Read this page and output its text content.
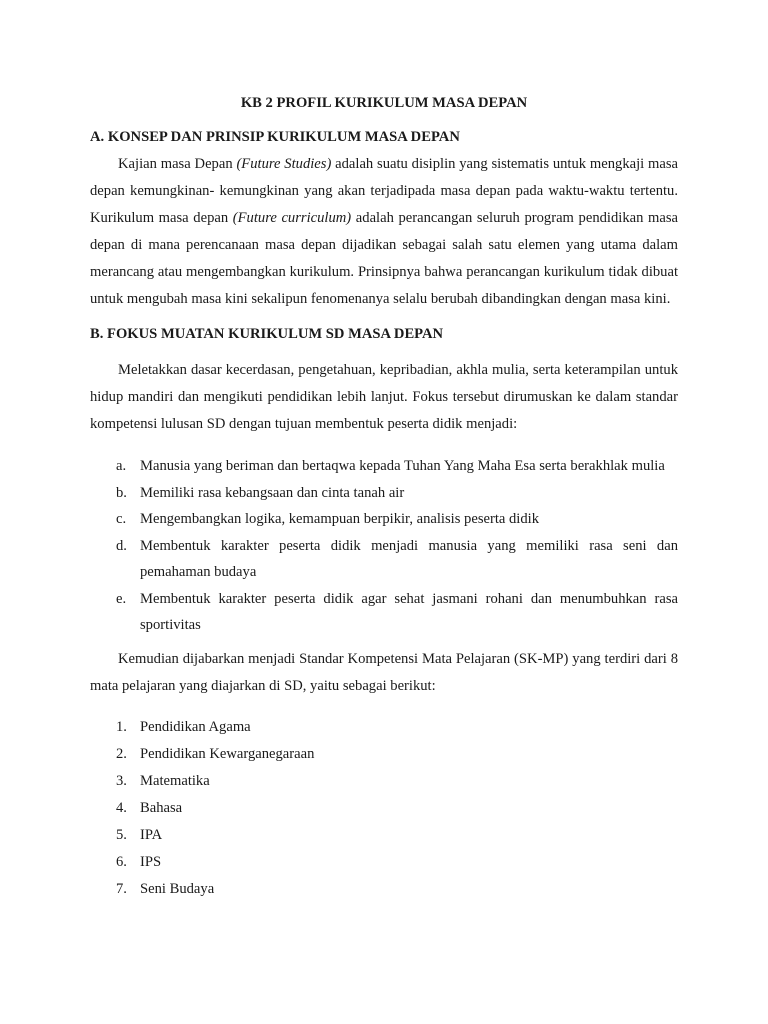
KB 2 PROFIL KURIKULUM MASA DEPAN

A. KONSEP DAN PRINSIP KURIKULUM MASA DEPAN

Kajian masa Depan (Future Studies) adalah suatu disiplin yang sistematis untuk mengkaji masa depan kemungkinan- kemungkinan yang akan terjadipada masa depan pada waktu-waktu tertentu. Kurikulum masa depan (Future curriculum) adalah perancangan seluruh program pendidikan masa depan di mana perencanaan masa depan dijadikan sebagai salah satu elemen yang utama dalam merancang atau mengembangkan kurikulum. Prinsipnya bahwa perancangan kurikulum tidak dibuat untuk mengubah masa kini sekalipun fenomenanya selalu berubah dibandingkan dengan masa kini.

B. FOKUS MUATAN KURIKULUM SD MASA DEPAN

Meletakkan dasar kecerdasan, pengetahuan, kepribadian, akhla mulia, serta keterampilan untuk hidup mandiri dan mengikuti pendidikan lebih lanjut. Fokus tersebut dirumuskan ke dalam standar kompetensi lulusan SD dengan tujuan membentuk peserta didik menjadi:

a. Manusia yang beriman dan bertaqwa kepada Tuhan Yang Maha Esa serta berakhlak mulia
b. Memiliki rasa kebangsaan dan cinta tanah air
c. Mengembangkan logika, kemampuan berpikir, analisis peserta didik
d. Membentuk karakter peserta didik menjadi manusia yang memiliki rasa seni dan pemahaman budaya
e. Membentuk karakter peserta didik agar sehat jasmani rohani dan menumbuhkan rasa sportivitas

Kemudian dijabarkan menjadi Standar Kompetensi Mata Pelajaran (SK-MP) yang terdiri dari 8 mata pelajaran yang diajarkan di SD, yaitu sebagai berikut:

1. Pendidikan Agama
2. Pendidikan Kewarganegaraan
3. Matematika
4. Bahasa
5. IPA
6. IPS
7. Seni Budaya
